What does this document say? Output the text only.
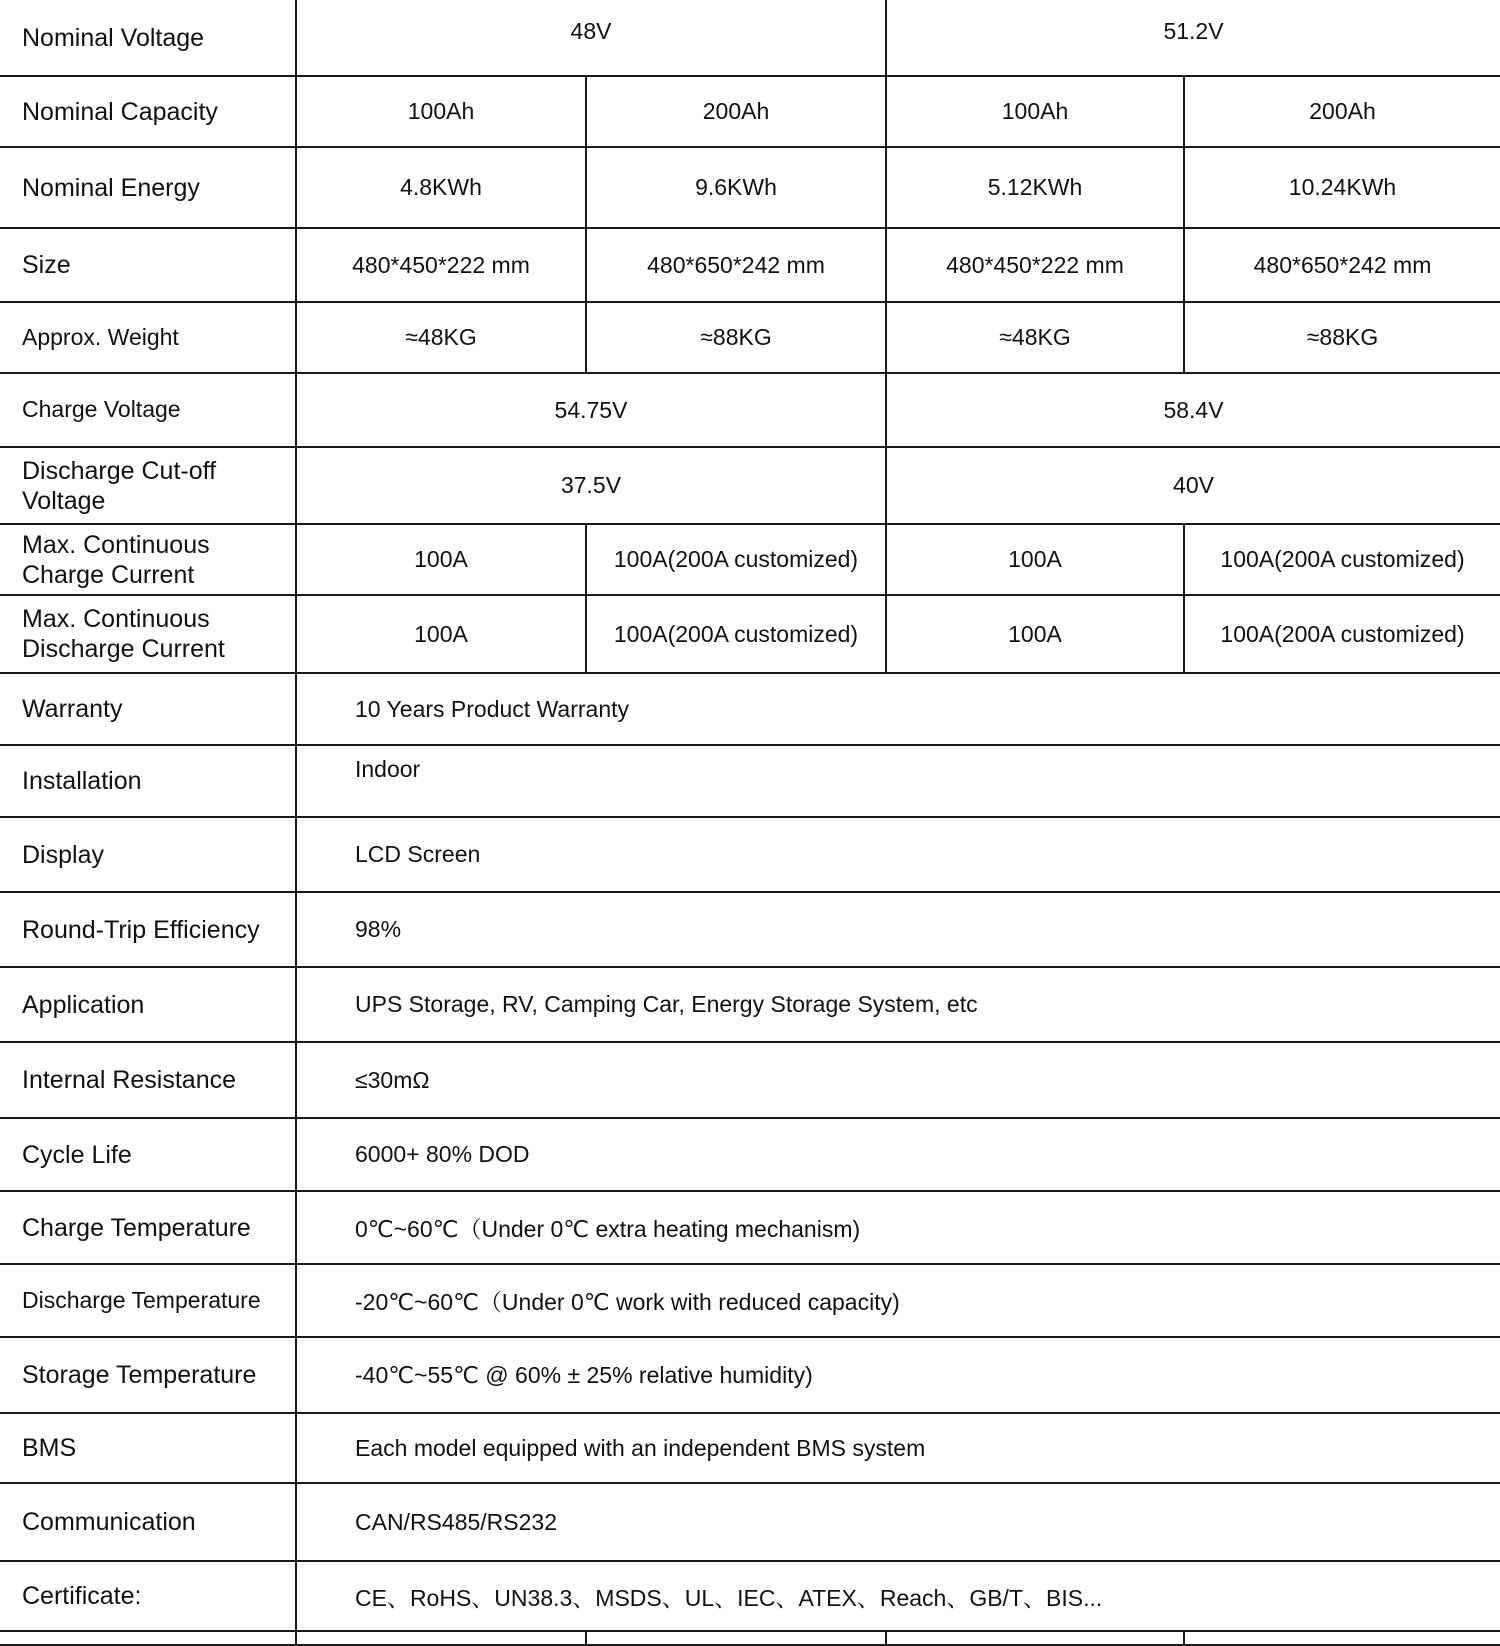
Nominal Voltage	48V		51.2V	
Nominal Capacity	100Ah	200Ah	100Ah	200Ah
Nominal Energy	4.8KWh	9.6KWh	5.12KWh	10.24KWh
Size	480*450*222 mm	480*650*242 mm	480*450*222 mm	480*650*242 mm
Approx. Weight	≈48KG	≈88KG	≈48KG	≈88KG
Charge Voltage	54.75V		58.4V	
Discharge Cut-off Voltage	37.5V		40V	
Max. Continuous Charge Current	100A	100A(200A customized)	100A	100A(200A customized)
Max. Continuous Discharge Current	100A	100A(200A customized)	100A	100A(200A customized)
Warranty	10 Years Product Warranty			
Installation	Indoor			
Display	LCD Screen			
Round-Trip Efficiency	98%			
Application	UPS Storage, RV, Camping Car, Energy Storage System, etc			
Internal Resistance	≤30mΩ			
Cycle Life	6000+ 80% DOD			
Charge Temperature	0℃~60℃（Under 0℃ extra heating mechanism)			
Discharge Temperature	-20℃~60℃（Under 0℃ work with reduced capacity)			
Storage Temperature	-40℃~55℃ @ 60% ± 25% relative humidity)			
BMS	Each model equipped with an independent BMS system			
Communication	CAN/RS485/RS232			
Certificate:	CE、RoHS、UN38.3、MSDS、UL、IEC、ATEX、Reach、GB/T、BIS...			
